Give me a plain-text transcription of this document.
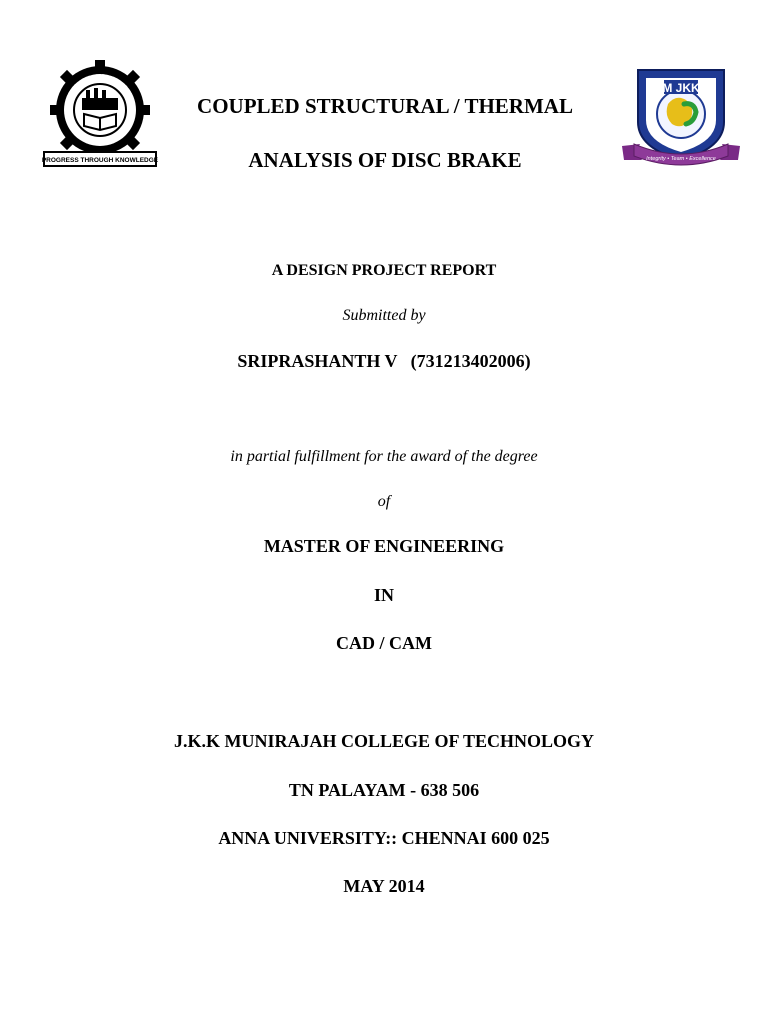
ANNA UNIVERSITY
PROGRESS THROUGH KNOWLEDGE
COUPLED STRUCTURAL / THERMAL
ANALYSIS OF DISC BRAKE
M JKK
Integrity • Team • Excellence
A DESIGN PROJECT REPORT
Submitted by
SRIPRASHANTH V   (731213402006)
in partial fulfillment for the award of the degree
of
MASTER OF ENGINEERING
IN
CAD / CAM
J.K.K MUNIRAJAH COLLEGE OF TECHNOLOGY
TN PALAYAM - 638 506
ANNA UNIVERSITY:: CHENNAI 600 025
MAY 2014
